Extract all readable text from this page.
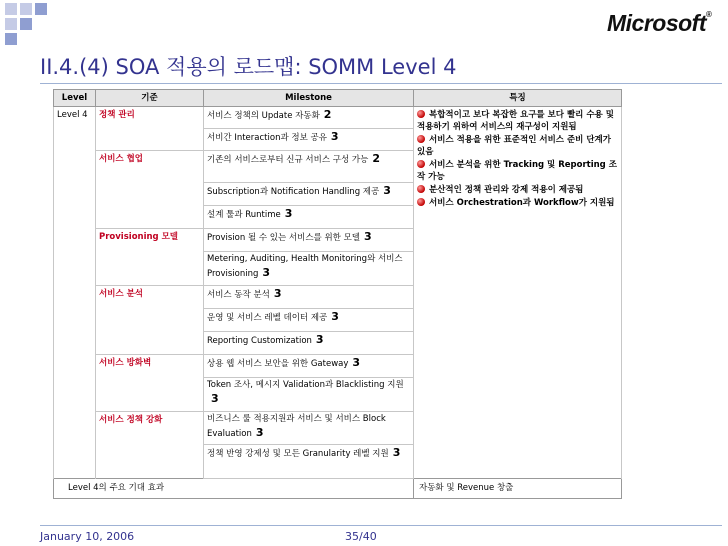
Microsoft®
II.4.(4) SOA 적용의 로드맵: SOMM Level 4
Level	기준	Milestone	특징
Level 4	정책 관리	서비스 정책의 Update 자동화 2	복합적이고 보다 복잡한 요구를 보다 빨리 수용 및 적용하기 위하여 서비스의 재구성이 지원됨
서비스 적용을 위한 표준적인 서비스 준비 단계가 있음
서비스 분석을 위한 Tracking 및 Reporting 조작 가능
분산적인 정책 관리와 강제 적용이 제공됨
서비스 Orchestration과 Workflow가 지원됨

		서비간 Interaction과 정보 공유 3	
	서비스 협업	기존의 서비스로부터 신규 서비스 구성 가능 2	
		Subscription과 Notification Handling 제공 3	
		설계 툴과 Runtime 3	
	Provisioning 모델	Provision 될 수 있는 서비스를 위한 모델 3	
		Metering, Auditing, Health Monitoring와 서비스 Provisioning 3	
	서비스 분석	서비스 동작 분석 3	
		운영 및 서비스 레벨 데이터 제공 3	
		Reporting Customization 3	
	서비스 방화벽	상용 웹 서비스 보안을 위한 Gateway 3	
		Token 조사, 메시지 Validation과 Blacklisting 지원3	
	서비스 정책 강화	비즈니스 룰 적용지원과 서비스 및 서비스 Block Evaluation 3	
		정책 반영 강제성 및 모든 Granularity 레벨 지원 3	
Level 4의 주요 기대 효과			자동화 및 Revenue 창출
January 10, 2006	35/40
